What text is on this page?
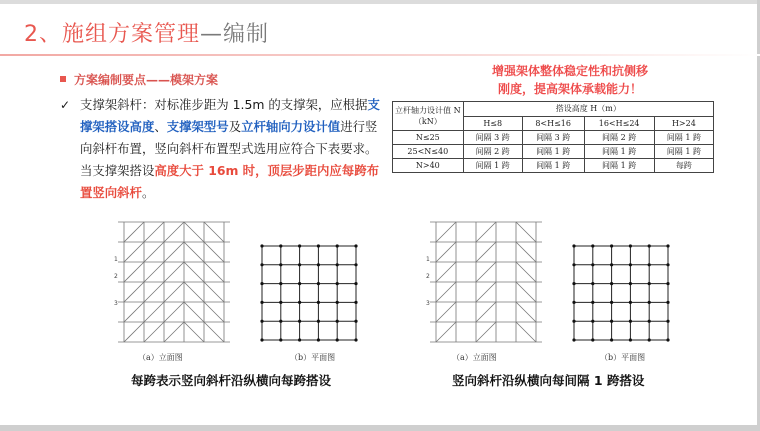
2、施组方案管理—编制
方案编制要点——模架方案
✓ 支撑架斜杆：对标准步距为 1.5m 的支撑架，应根据支撑架搭设高度、支撑架型号及立杆轴向力设计值进行竖向斜杆布置，竖向斜杆布置型式选用应符合下表要求。当支撑架搭设高度大于 16m 时，顶层步距内应每跨布置竖向斜杆。
增强架体整体稳定性和抗侧移
刚度，提高架体承载能力！
立杆轴力设计值 N（kN）	搭设高度 H（m）			
	H≤8	8<H≤16	16<H≤24	H>24
N≤25	间隔 3 跨	间隔 3 跨	间隔 2 跨	间隔 1 跨
25<N≤40	间隔 2 跨	间隔 1 跨	间隔 1 跨	间隔 1 跨
N>40	间隔 1 跨	间隔 1 跨	间隔 1 跨	每跨
1
2
3
（a）立面图	（b）平面图
1
2
3
（a）立面图	（b）平面图
每跨表示竖向斜杆沿纵横向每跨搭设	竖向斜杆沿纵横向每间隔 1 跨搭设
